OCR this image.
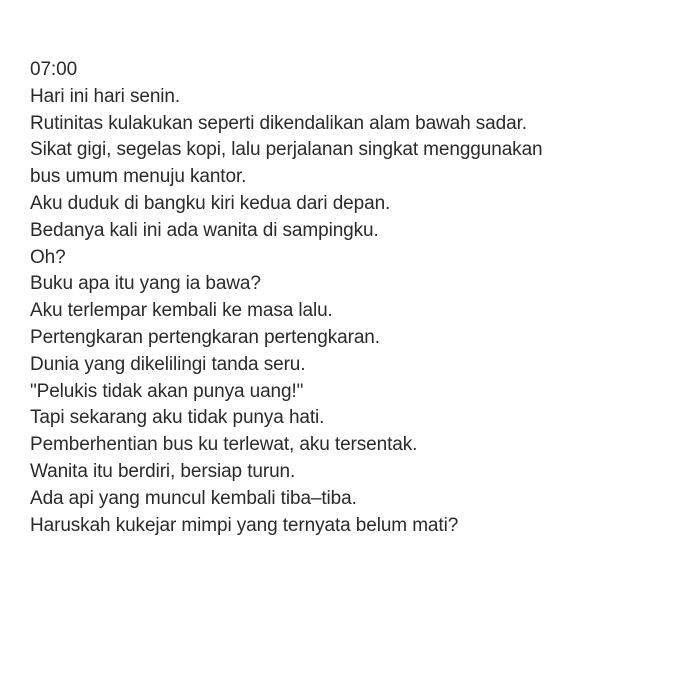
07:00
Hari ini hari senin.
Rutinitas kulakukan seperti dikendalikan alam bawah sadar.
Sikat gigi, segelas kopi, lalu perjalanan singkat menggunakan
bus umum menuju kantor.
Aku duduk di bangku kiri kedua dari depan.
Bedanya kali ini ada wanita di sampingku.
Oh?
Buku apa itu yang ia bawa?
Aku terlempar kembali ke masa lalu.
Pertengkaran pertengkaran pertengkaran.
Dunia yang dikelilingi tanda seru.
"Pelukis tidak akan punya uang!"
Tapi sekarang aku tidak punya hati.
Pemberhentian bus ku terlewat, aku tersentak.
Wanita itu berdiri, bersiap turun.
Ada api yang muncul kembali tiba–tiba.
Haruskah kukejar mimpi yang ternyata belum mati?
